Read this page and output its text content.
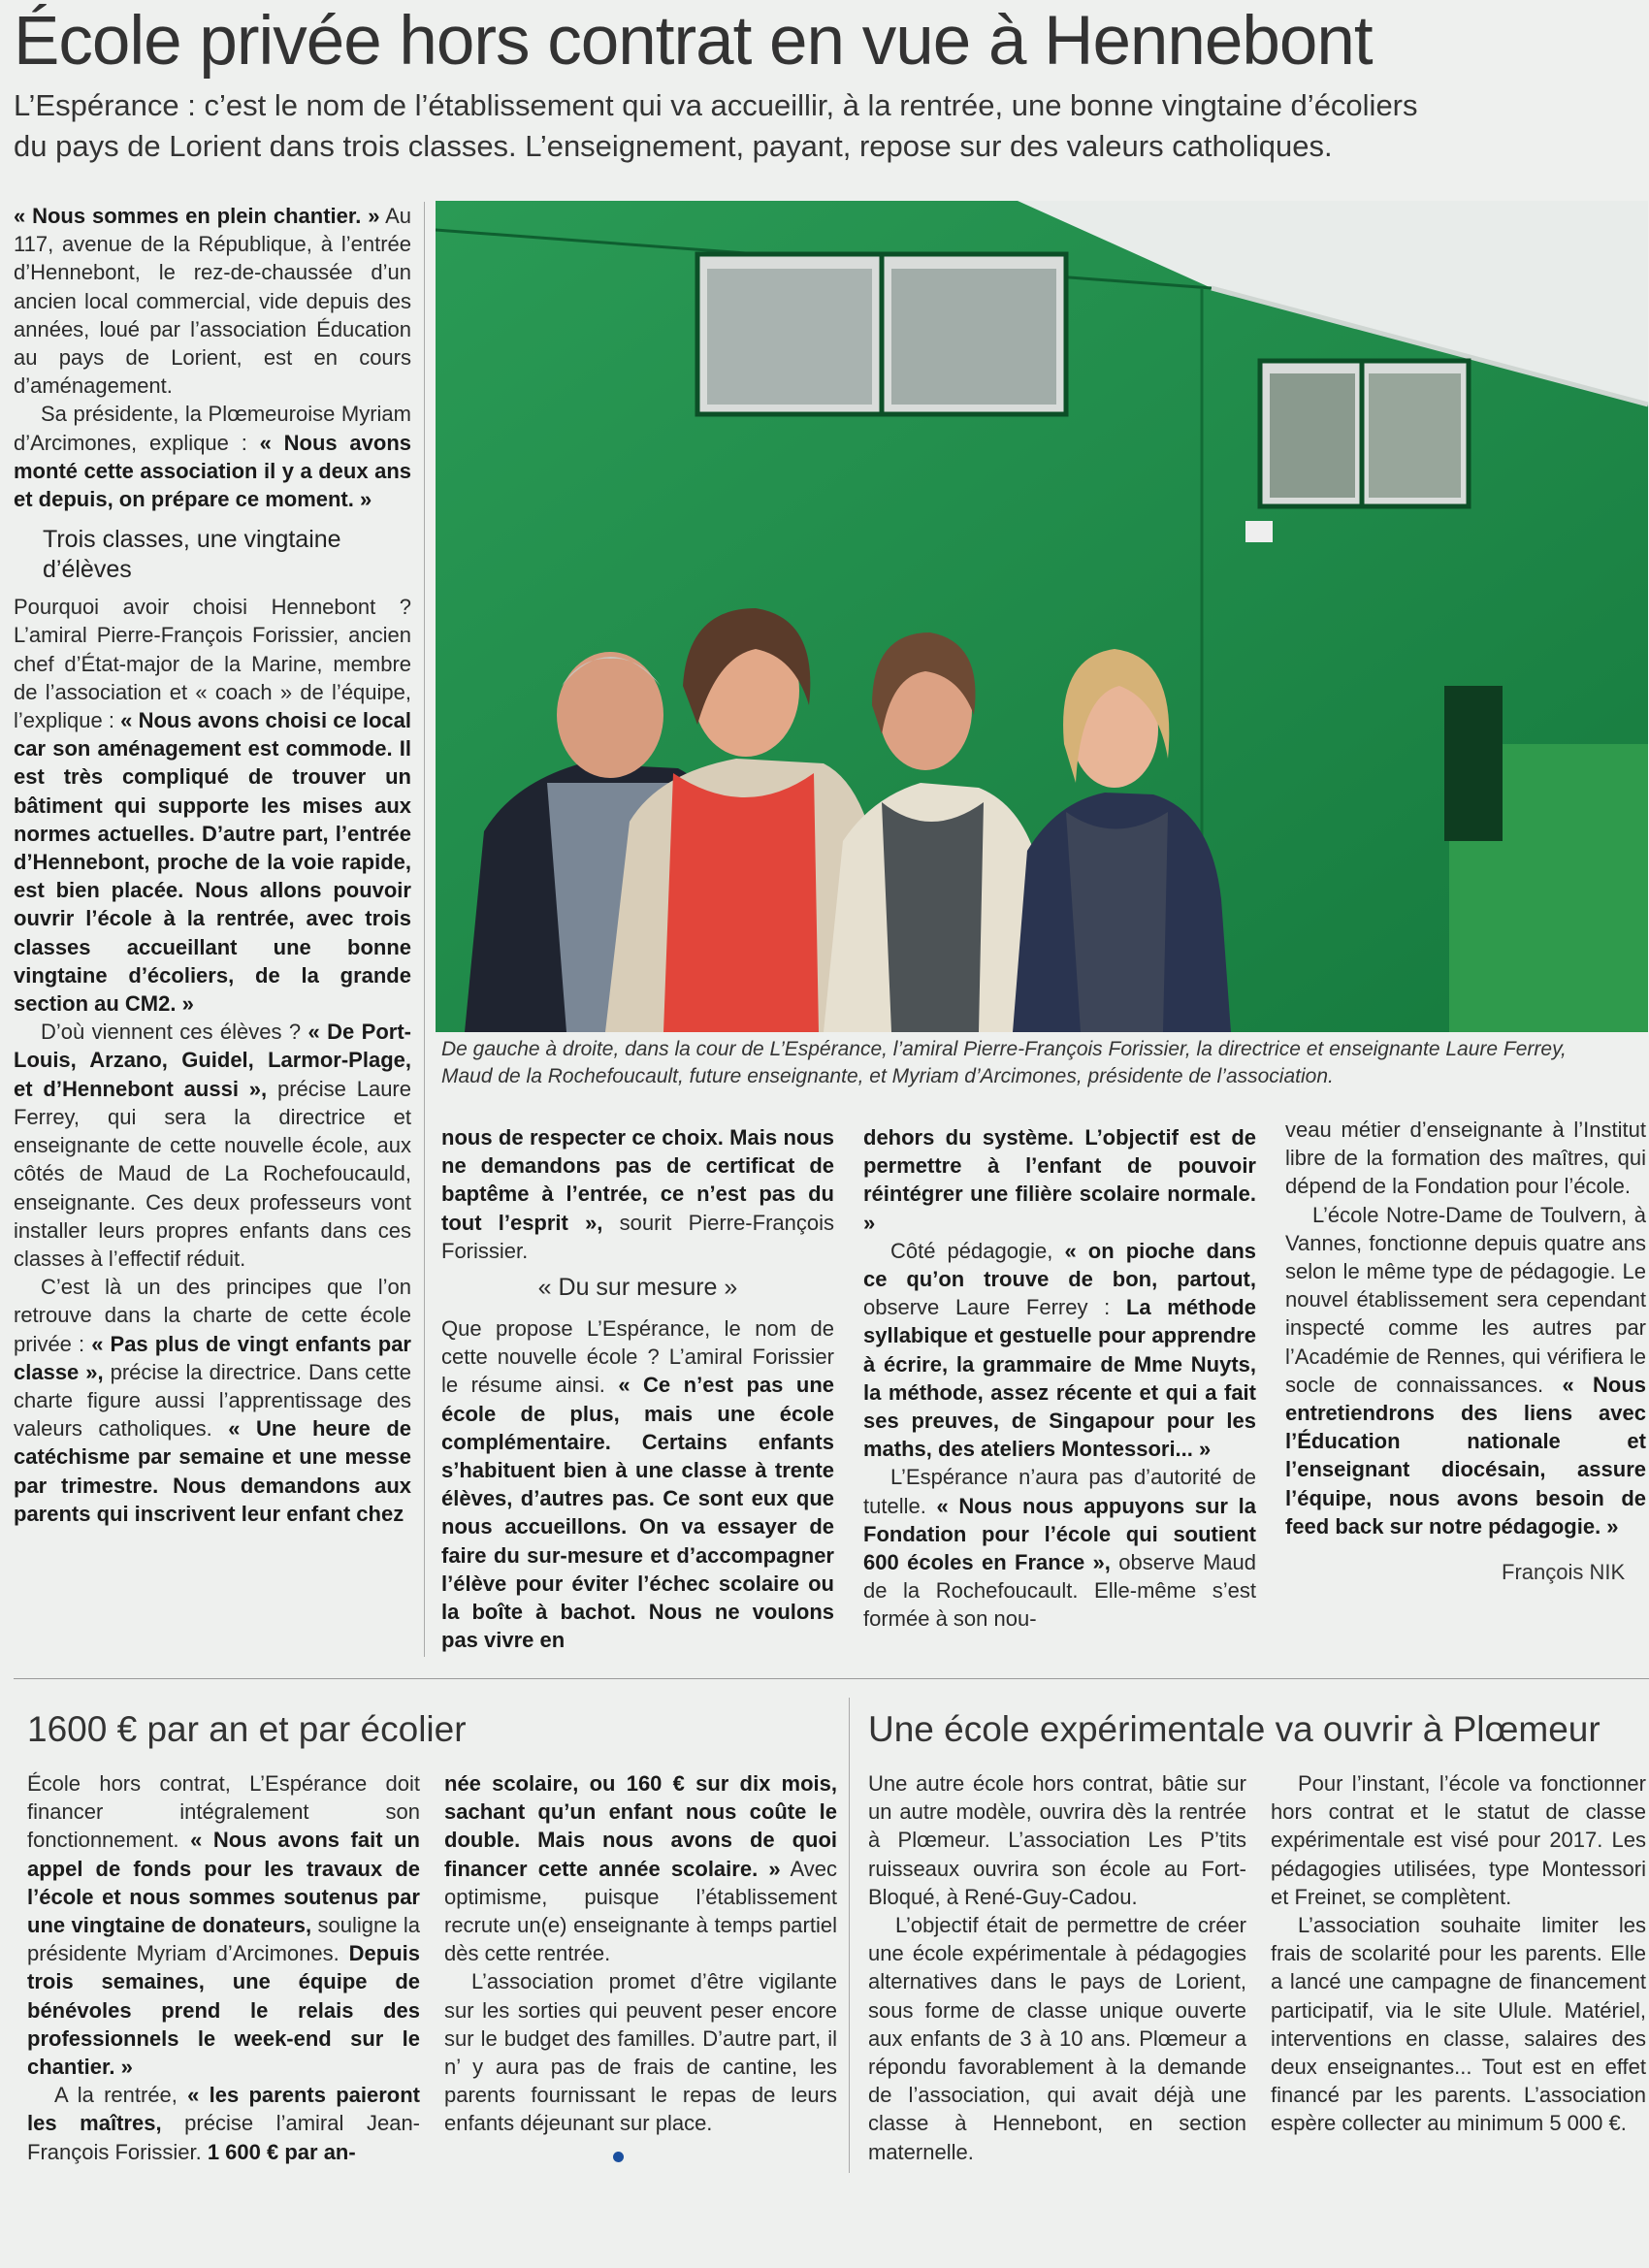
École privée hors contrat en vue à Hennebont
L’Espérance : c’est le nom de l’établissement qui va accueillir, à la rentrée, une bonne vingtaine d’écoliers
du pays de Lorient dans trois classes. L’enseignement, payant, repose sur des valeurs catholiques.

« Nous sommes en plein chantier. » Au 117, avenue de la République, à l’entrée d’Hennebont, le rez-de-chaussée d’un ancien local commercial, vide depuis des années, loué par l’association Éducation au pays de Lorient, est en cours d’aménagement.

Sa présidente, la Plœmeuroise Myriam d’Arcimones, explique : « Nous avons monté cette association il y a deux ans et depuis, on prépare ce moment. »

Trois classes, une vingtaine d’élèves

Pourquoi avoir choisi Hennebont ? L’amiral Pierre-François Forissier, ancien chef d’État-major de la Marine, membre de l’association et « coach » de l’équipe, l’explique : « Nous avons choisi ce local car son aménagement est commode. Il est très compliqué de trouver un bâtiment qui supporte les mises aux normes actuelles. D’autre part, l’entrée d’Hennebont, proche de la voie rapide, est bien placée. Nous allons pouvoir ouvrir l’école à la rentrée, avec trois classes accueillant une bonne vingtaine d’écoliers, de la grande section au CM2. »

D’où viennent ces élèves ? « De Port-Louis, Arzano, Guidel, Larmor-Plage, et d’Hennebont aussi », précise Laure Ferrey, qui sera la directrice et enseignante de cette nouvelle école, aux côtés de Maud de La Rochefoucauld, enseignante. Ces deux professeurs vont installer leurs propres enfants dans ces classes à l’effectif réduit.

C’est là un des principes que l’on retrouve dans la charte de cette école privée : « Pas plus de vingt enfants par classe », précise la directrice. Dans cette charte figure aussi l’apprentissage des valeurs catholiques. « Une heure de catéchisme par semaine et une messe par trimestre. Nous demandons aux parents qui inscrivent leur enfant chez

De gauche à droite, dans la cour de L’Espérance, l’amiral Pierre-François Forissier, la directrice et enseignante Laure Ferrey,
Maud de la Rochefoucault, future enseignante, et Myriam d’Arcimones, présidente de l’association.

nous de respecter ce choix. Mais nous ne demandons pas de certificat de baptême à l’entrée, ce n’est pas du tout l’esprit », sourit Pierre-François Forissier.

« Du sur mesure »

Que propose L’Espérance, le nom de cette nouvelle école ? L’amiral Forissier le résume ainsi. « Ce n’est pas une école de plus, mais une école complémentaire. Certains enfants s’habituent bien à une classe à trente élèves, d’autres pas. Ce sont eux que nous accueillons. On va essayer de faire du sur-mesure et d’accompagner l’élève pour éviter l’échec scolaire ou la boîte à bachot. Nous ne voulons pas vivre en

dehors du système. L’objectif est de permettre à l’enfant de pouvoir réintégrer une filière scolaire normale. »

Côté pédagogie, « on pioche dans ce qu’on trouve de bon, partout, observe Laure Ferrey : La méthode syllabique et gestuelle pour apprendre à écrire, la grammaire de Mme Nuyts, la méthode, assez récente et qui a fait ses preuves, de Singapour pour les maths, des ateliers Montessori... »

L’Espérance n’aura pas d’autorité de tutelle. « Nous nous appuyons sur la Fondation pour l’école qui soutient 600 écoles en France », observe Maud de la Rochefoucault. Elle-même s’est formée à son nou-

veau métier d’enseignante à l’Institut libre de la formation des maîtres, qui dépend de la Fondation pour l’école.

L’école Notre-Dame de Toulvern, à Vannes, fonctionne depuis quatre ans selon le même type de pédagogie. Le nouvel établissement sera cependant inspecté comme les autres par l’Académie de Rennes, qui vérifiera le socle de connaissances. « Nous entretiendrons des liens avec l’Éducation nationale et l’enseignant diocésain, assure l’équipe, nous avons besoin de feed back sur notre pédagogie. »

François NIK
1600 € par an et par écolier

École hors contrat, L’Espérance doit financer intégralement son fonctionnement. « Nous avons fait un appel de fonds pour les travaux de l’école et nous sommes soutenus par une vingtaine de donateurs, souligne la présidente Myriam d’Arcimones. Depuis trois semaines, une équipe de bénévoles prend le relais des professionnels le week-end sur le chantier. »

A la rentrée, « les parents paieront les maîtres, précise l’amiral Jean-François Forissier. 1 600 € par an-

née scolaire, ou 160 € sur dix mois, sachant qu’un enfant nous coûte le double. Mais nous avons de quoi financer cette année scolaire. » Avec optimisme, puisque l’établissement recrute un(e) enseignante à temps partiel dès cette rentrée.

L’association promet d’être vigilante sur les sorties qui peuvent peser encore sur le budget des familles. D’autre part, il n’ y aura pas de frais de cantine, les parents fournissant le repas de leurs enfants déjeunant sur place.

Une école expérimentale va ouvrir à Plœmeur

Une autre école hors contrat, bâtie sur un autre modèle, ouvrira dès la rentrée à Plœmeur. L’association Les P’tits ruisseaux ouvrira son école au Fort-Bloqué, à René-Guy-Cadou.

L’objectif était de permettre de créer une école expérimentale à pédagogies alternatives dans le pays de Lorient, sous forme de classe unique ouverte aux enfants de 3 à 10 ans. Plœmeur a répondu favorablement à la demande de l’association, qui avait déjà une classe à Hennebont, en section maternelle.

Pour l’instant, l’école va fonctionner hors contrat et le statut de classe expérimentale est visé pour 2017. Les pédagogies utilisées, type Montessori et Freinet, se complètent.

L’association souhaite limiter les frais de scolarité pour les parents. Elle a lancé une campagne de financement participatif, via le site Ulule. Matériel, interventions en classe, salaires des deux enseignantes... Tout est en effet financé par les parents. L’association espère collecter au minimum 5 000 €.
